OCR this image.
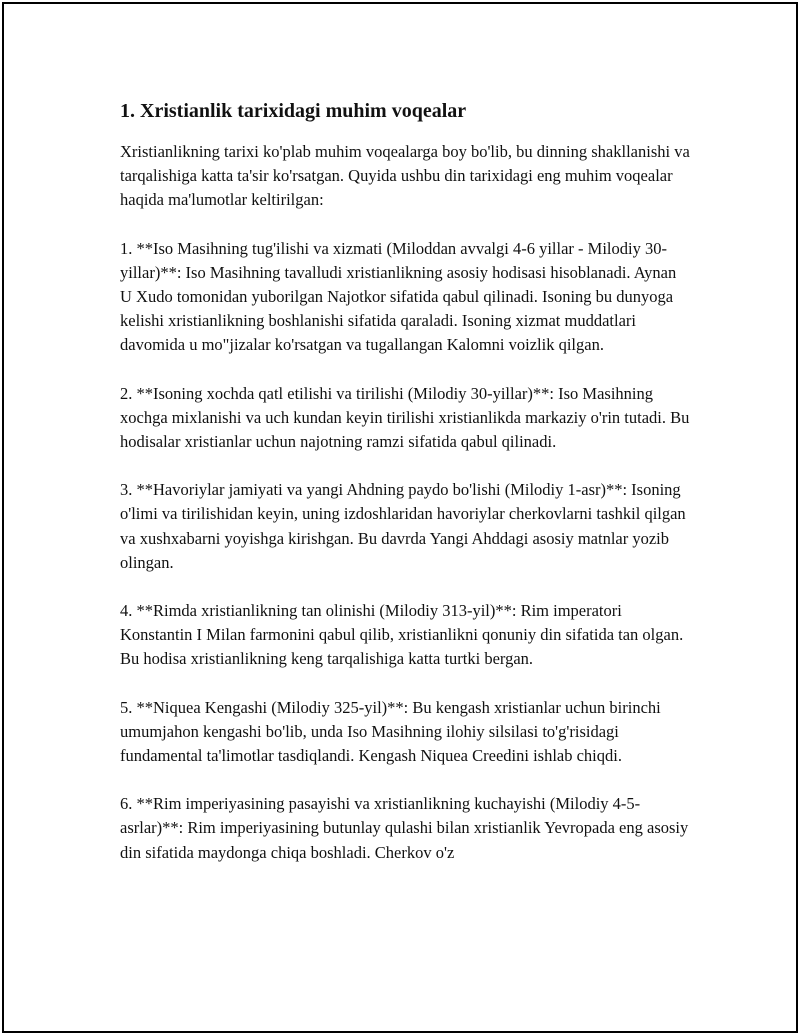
1. Xristianlik tarixidagi muhim voqealar

Xristianlikning tarixi ko'plab muhim voqealarga boy bo'lib, bu dinning shakllanishi va tarqalishiga katta ta'sir ko'rsatgan. Quyida ushbu din tarixidagi eng muhim voqealar haqida ma'lumotlar keltirilgan:

1. **Iso Masihning tug'ilishi va xizmati (Miloddan avvalgi 4-6 yillar - Milodiy 30-yillar)**: Iso Masihning tavalludi xristianlikning asosiy hodisasi hisoblanadi. Aynan U Xudo tomonidan yuborilgan Najotkor sifatida qabul qilinadi. Isoning bu dunyoga kelishi xristianlikning boshlanishi sifatida qaraladi. Isoning xizmat muddatlari davomida u mo"jizalar ko'rsatgan va tugallangan Kalomni voizlik qilgan.

2. **Isoning xochda qatl etilishi va tirilishi (Milodiy 30-yillar)**: Iso Masihning xochga mixlanishi va uch kundan keyin tirilishi xristianlikda markaziy o'rin tutadi. Bu hodisalar xristianlar uchun najotning ramzi sifatida qabul qilinadi.

3. **Havoriylar jamiyati va yangi Ahdning paydo bo'lishi (Milodiy 1-asr)**: Isoning o'limi va tirilishidan keyin, uning izdoshlaridan havoriylar cherkovlarni tashkil qilgan va xushxabarni yoyishga kirishgan. Bu davrda Yangi Ahddagi asosiy matnlar yozib olingan.

4. **Rimda xristianlikning tan olinishi (Milodiy 313-yil)**: Rim imperatori Konstantin I Milan farmonini qabul qilib, xristianlikni qonuniy din sifatida tan olgan. Bu hodisa xristianlikning keng tarqalishiga katta turtki bergan.

5. **Niquea Kengashi (Milodiy 325-yil)**: Bu kengash xristianlar uchun birinchi umumjahon kengashi bo'lib, unda Iso Masihning ilohiy silsilasi to'g'risidagi fundamental ta'limotlar tasdiqlandi. Kengash Niquea Creedini ishlab chiqdi.

6. **Rim imperiyasining pasayishi va xristianlikning kuchayishi (Milodiy 4-5-asrlar)**: Rim imperiyasining butunlay qulashi bilan xristianlik Yevropada eng asosiy din sifatida maydonga chiqa boshladi. Cherkov o'z
